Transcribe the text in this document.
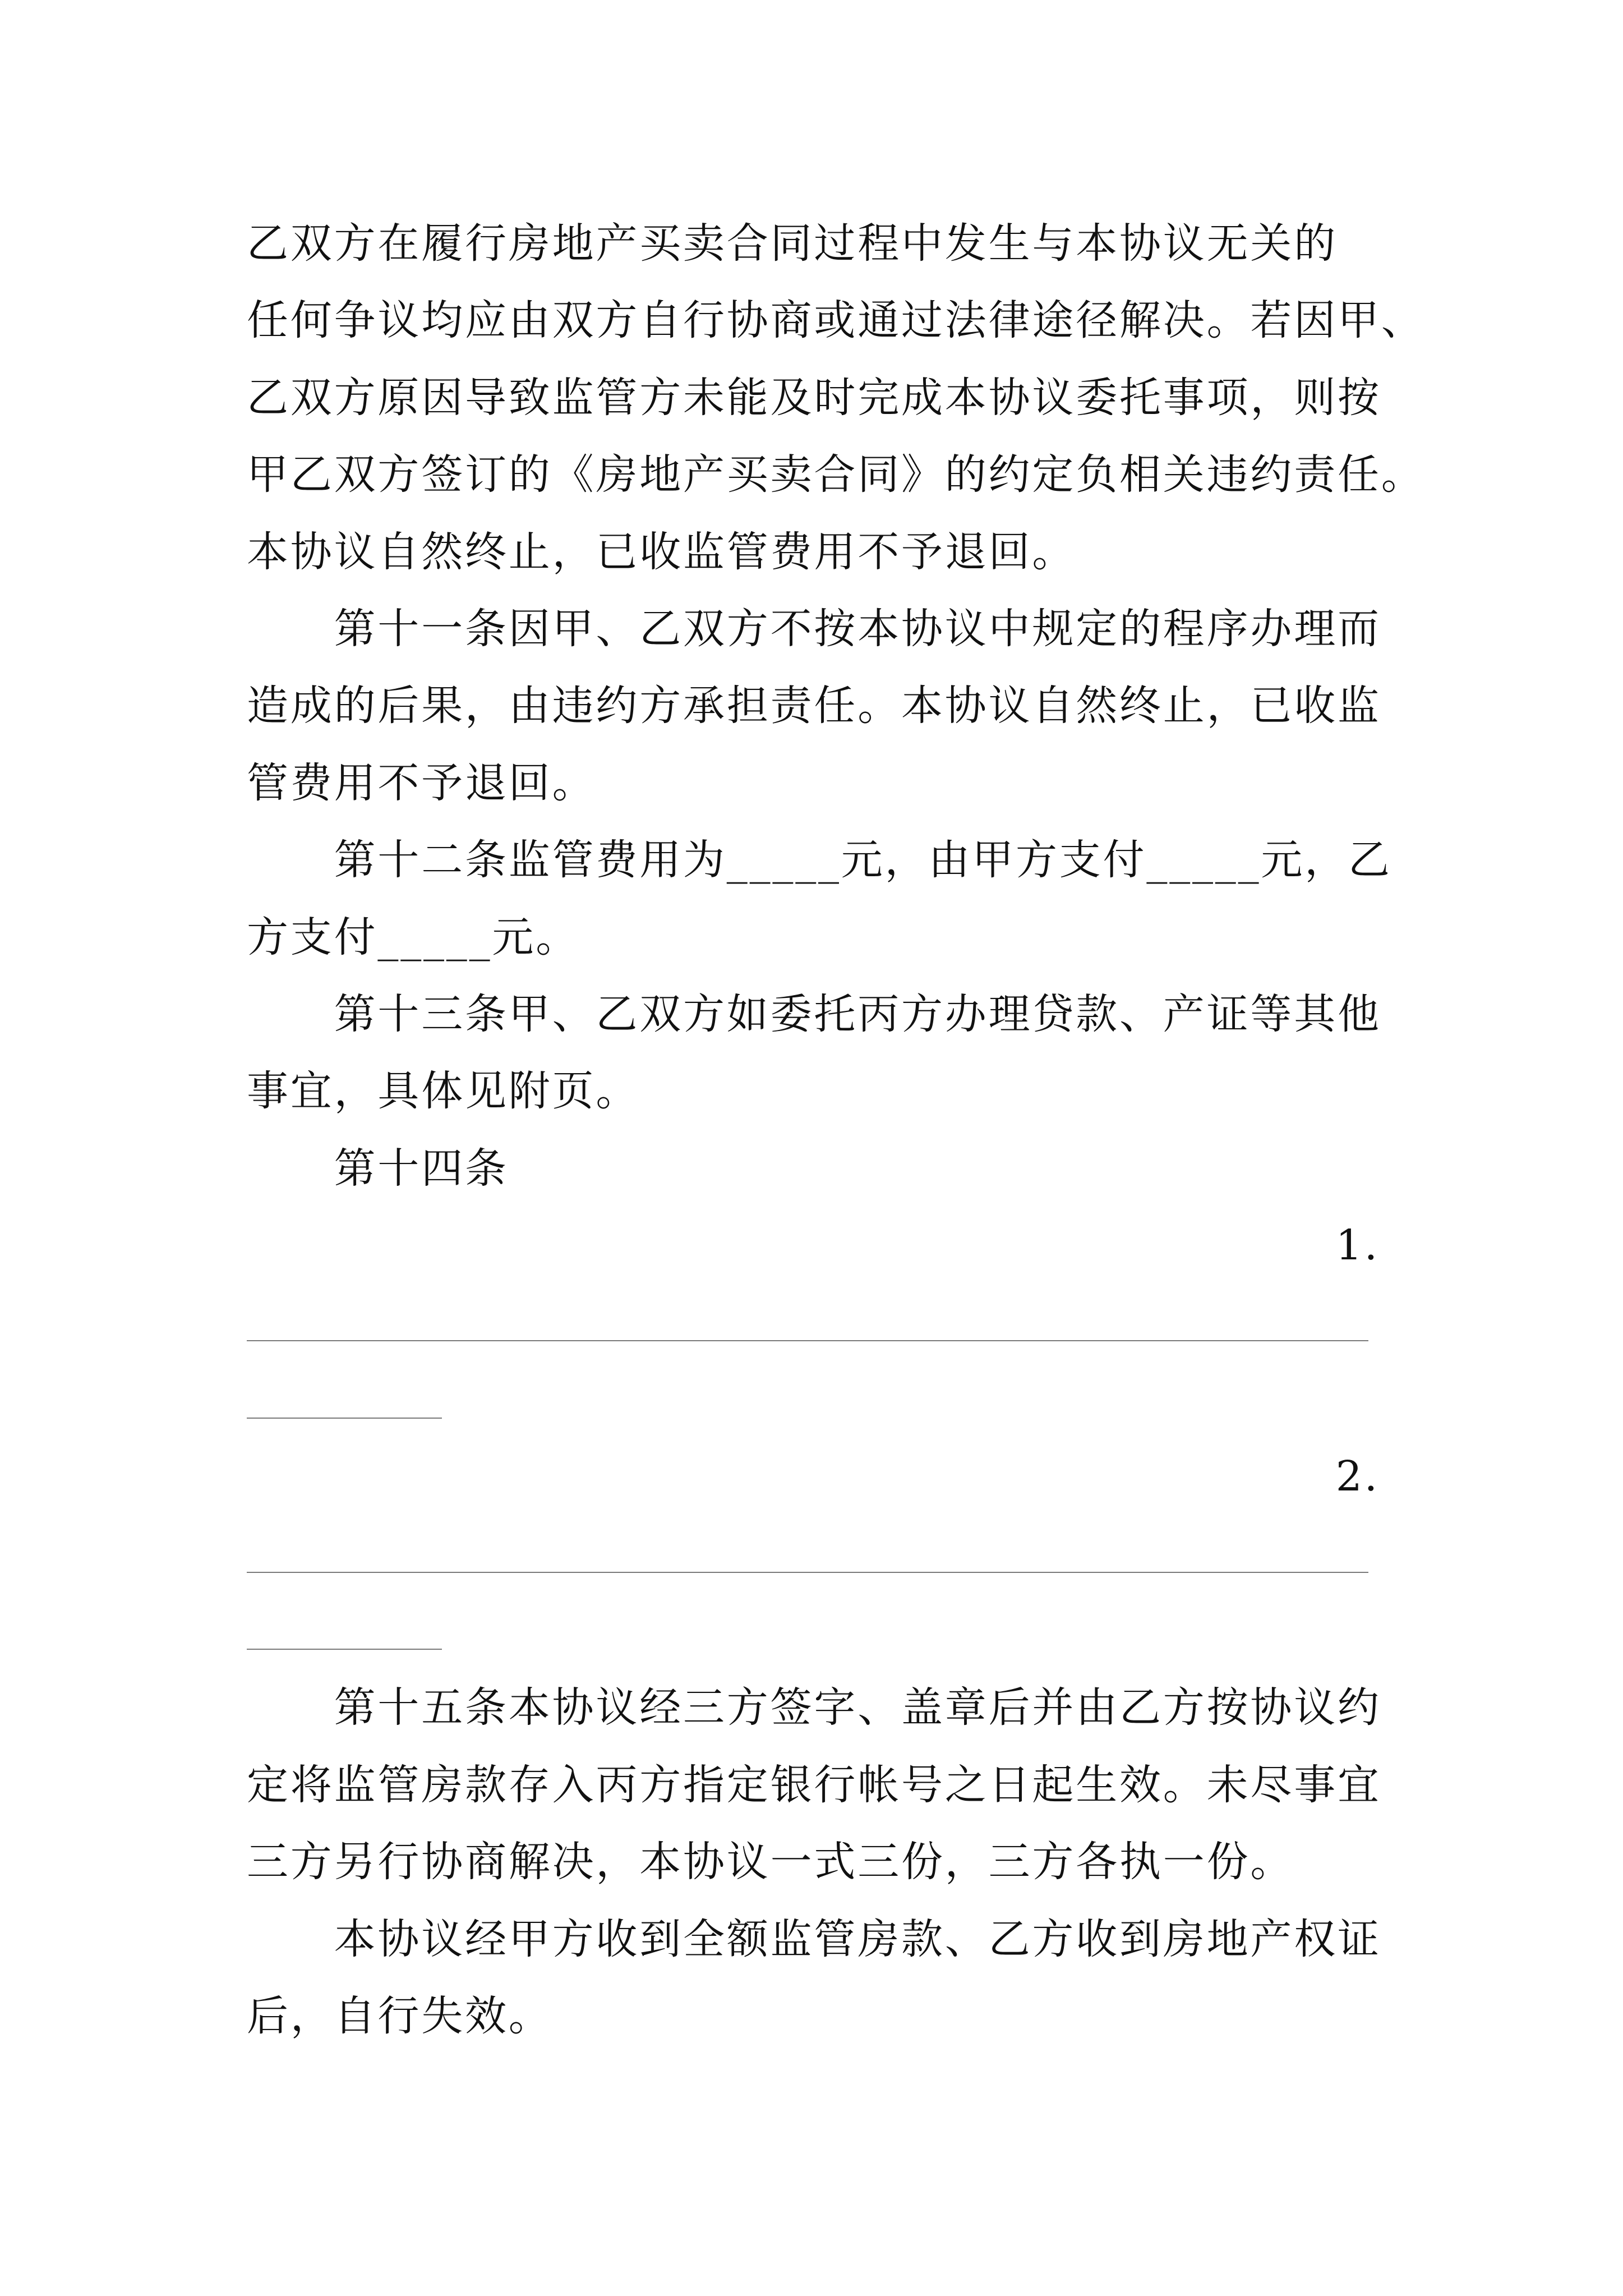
乙双方在履行房地产买卖合同过程中发生与本协议无关的
任何争议均应由双方自行协商或通过法律途径解决。若因甲、
乙双方原因导致监管方未能及时完成本协议委托事项，则按
甲乙双方签订的《房地产买卖合同》的约定负相关违约责任。
本协议自然终止，已收监管费用不予退回。
第十一条因甲、乙双方不按本协议中规定的程序办理而
造成的后果，由违约方承担责任。本协议自然终止，已收监
管费用不予退回。
第十二条监管费用为_____元，由甲方支付_____元，乙
方支付_____元。
第十三条甲、乙双方如委托丙方办理贷款、产证等其他
事宜，具体见附页。
第十四条
1.
2.
第十五条本协议经三方签字、盖章后并由乙方按协议约
定将监管房款存入丙方指定银行帐号之日起生效。未尽事宜
三方另行协商解决，本协议一式三份，三方各执一份。
本协议经甲方收到全额监管房款、乙方收到房地产权证
后，自行失效。
